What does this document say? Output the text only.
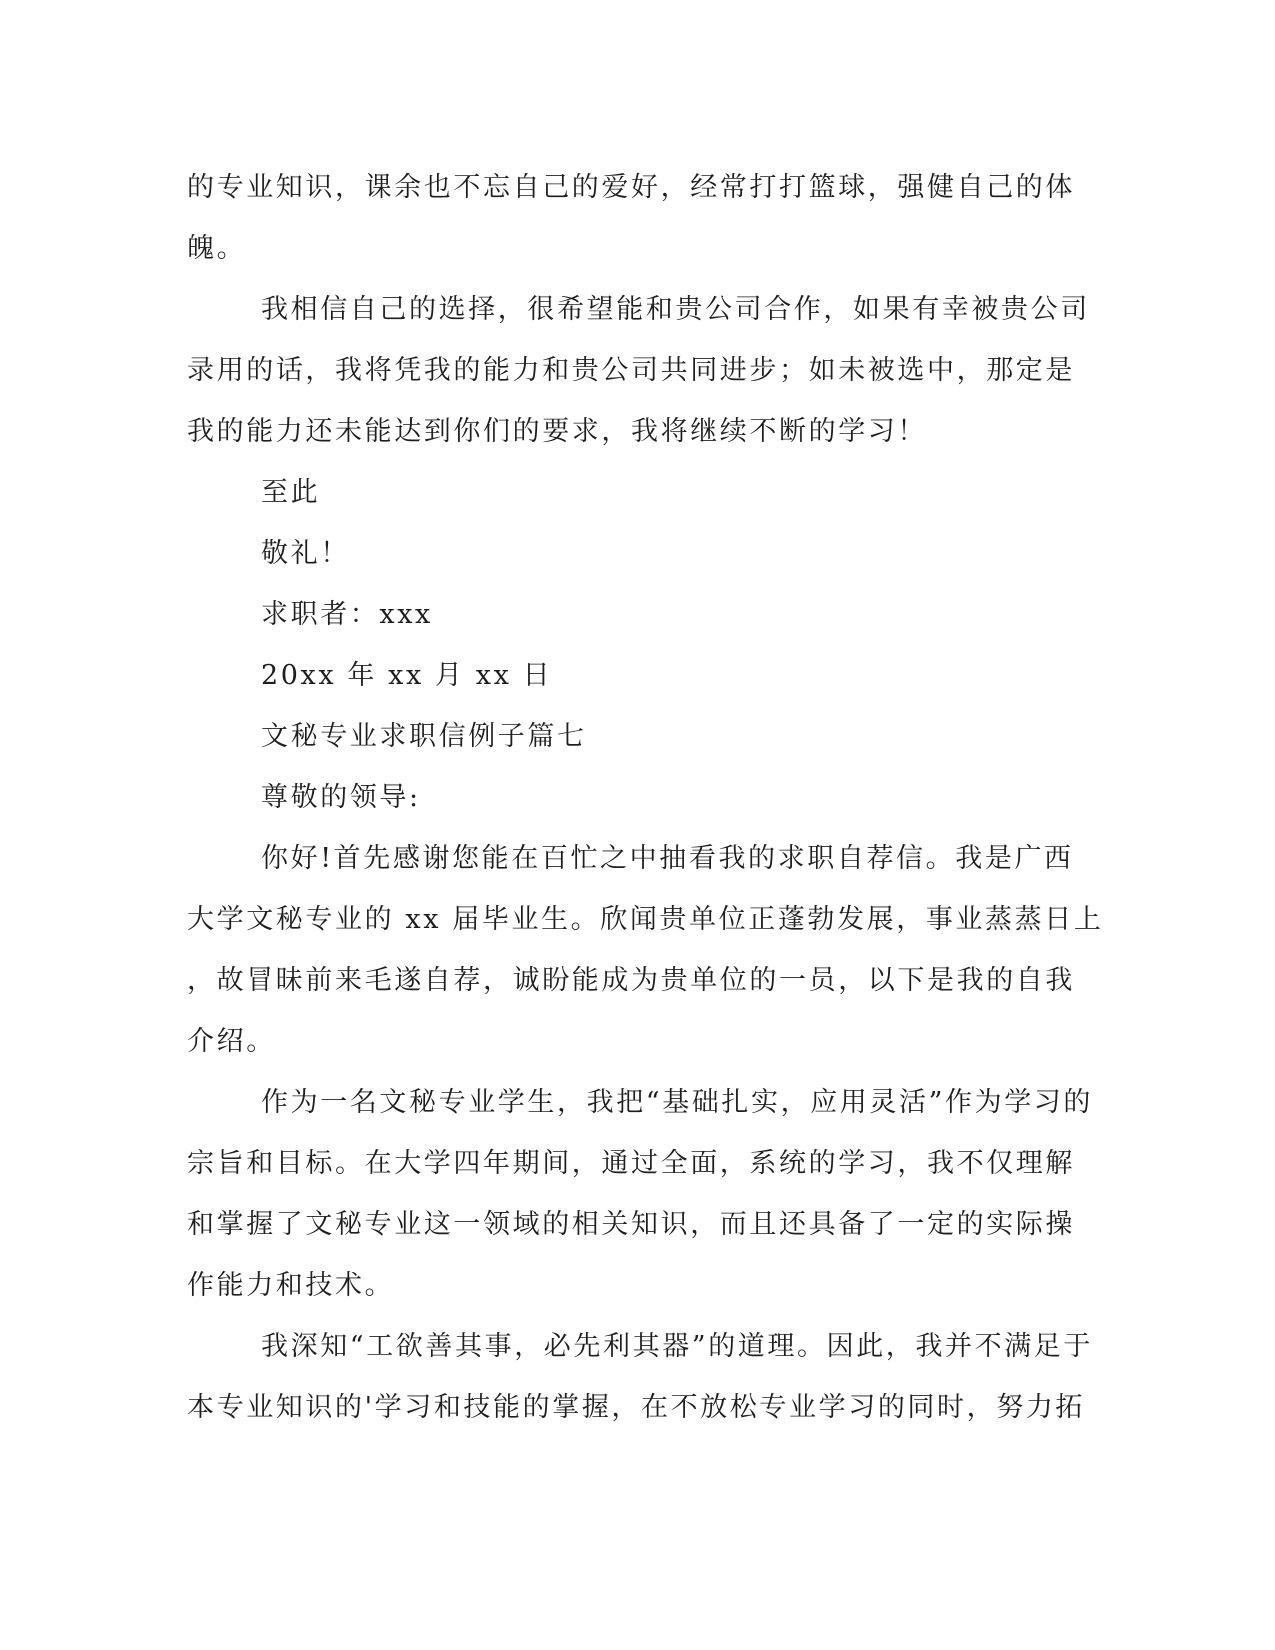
的专业知识，课余也不忘自己的爱好，经常打打篮球，强健自己的体
魄。
我相信自己的选择，很希望能和贵公司合作，如果有幸被贵公司
录用的话，我将凭我的能力和贵公司共同进步；如未被选中，那定是
我的能力还未能达到你们的要求，我将继续不断的学习！
至此
敬礼！
求职者：xxx
20xx 年 xx 月 xx 日
文秘专业求职信例子篇七
尊敬的领导:
你好!首先感谢您能在百忙之中抽看我的求职自荐信。我是广西
大学文秘专业的 xx 届毕业生。欣闻贵单位正蓬勃发展，事业蒸蒸日上
，故冒昧前来毛遂自荐，诚盼能成为贵单位的一员，以下是我的自我
介绍。
作为一名文秘专业学生，我把“基础扎实，应用灵活”作为学习的
宗旨和目标。在大学四年期间，通过全面，系统的学习，我不仅理解
和掌握了文秘专业这一领域的相关知识，而且还具备了一定的实际操
作能力和技术。
我深知“工欲善其事，必先利其器”的道理。因此，我并不满足于
本专业知识的'学习和技能的掌握，在不放松专业学习的同时，努力拓
